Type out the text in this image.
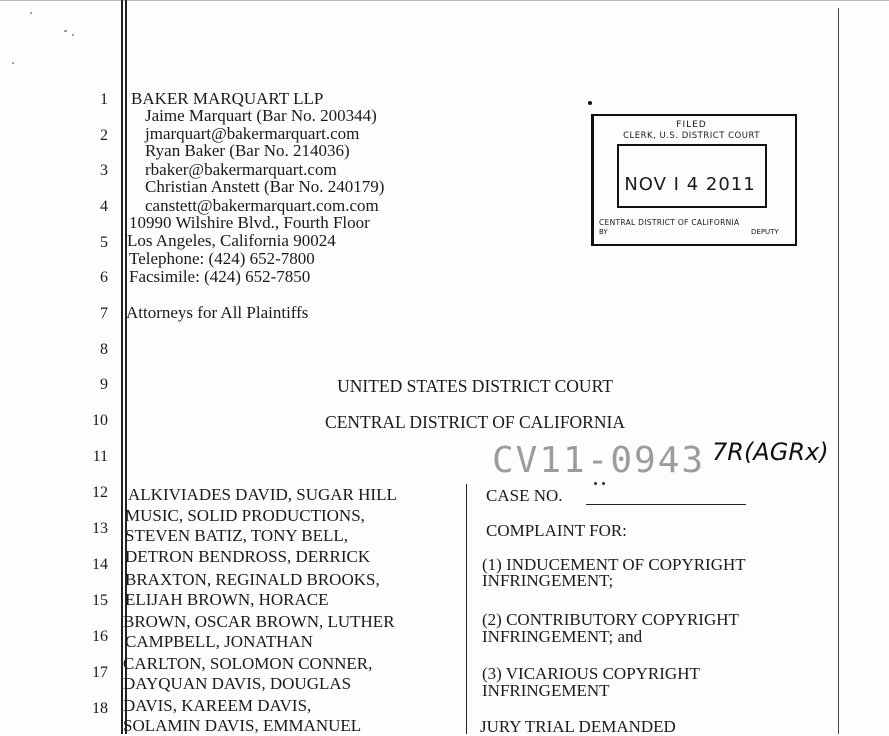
1
2
3
4
5
6
7
8
9
10
11
12
13
14
15
16
17
18
BAKER MARQUART LLP
Jaime Marquart (Bar No. 200344)
jmarquart@bakermarquart.com
Ryan Baker (Bar No. 214036)
rbaker@bakermarquart.com
Christian Anstett (Bar No. 240179)
canstett@bakermarquart.com.com
10990 Wilshire Blvd., Fourth Floor
Los Angeles, California 90024
Telephone: (424) 652-7800
Facsimile: (424) 652-7850
Attorneys for All Plaintiffs
FILED
CLERK, U.S. DISTRICT COURT
NOV I 4 2011
CENTRAL DISTRICT OF CALIFORNIA
BY	DEPUTY
UNITED STATES DISTRICT COURT
CENTRAL DISTRICT OF CALIFORNIA
CV11-0943 7R(AGRx)
ALKIVIADES DAVID, SUGAR HILL
MUSIC, SOLID PRODUCTIONS,
STEVEN BATIZ, TONY BELL,
DETRON BENDROSS, DERRICK
BRAXTON, REGINALD BROOKS,
ELIJAH BROWN, HORACE
BROWN, OSCAR BROWN, LUTHER
CAMPBELL, JONATHAN
CARLTON, SOLOMON CONNER,
DAYQUAN DAVIS, DOUGLAS
DAVIS, KAREEM DAVIS,
SOLAMIN DAVIS, EMMANUEL
CASE NO.
COMPLAINT FOR:
(1) INDUCEMENT OF COPYRIGHT
INFRINGEMENT;
(2) CONTRIBUTORY COPYRIGHT
INFRINGEMENT; and
(3) VICARIOUS COPYRIGHT
INFRINGEMENT
JURY TRIAL DEMANDED
